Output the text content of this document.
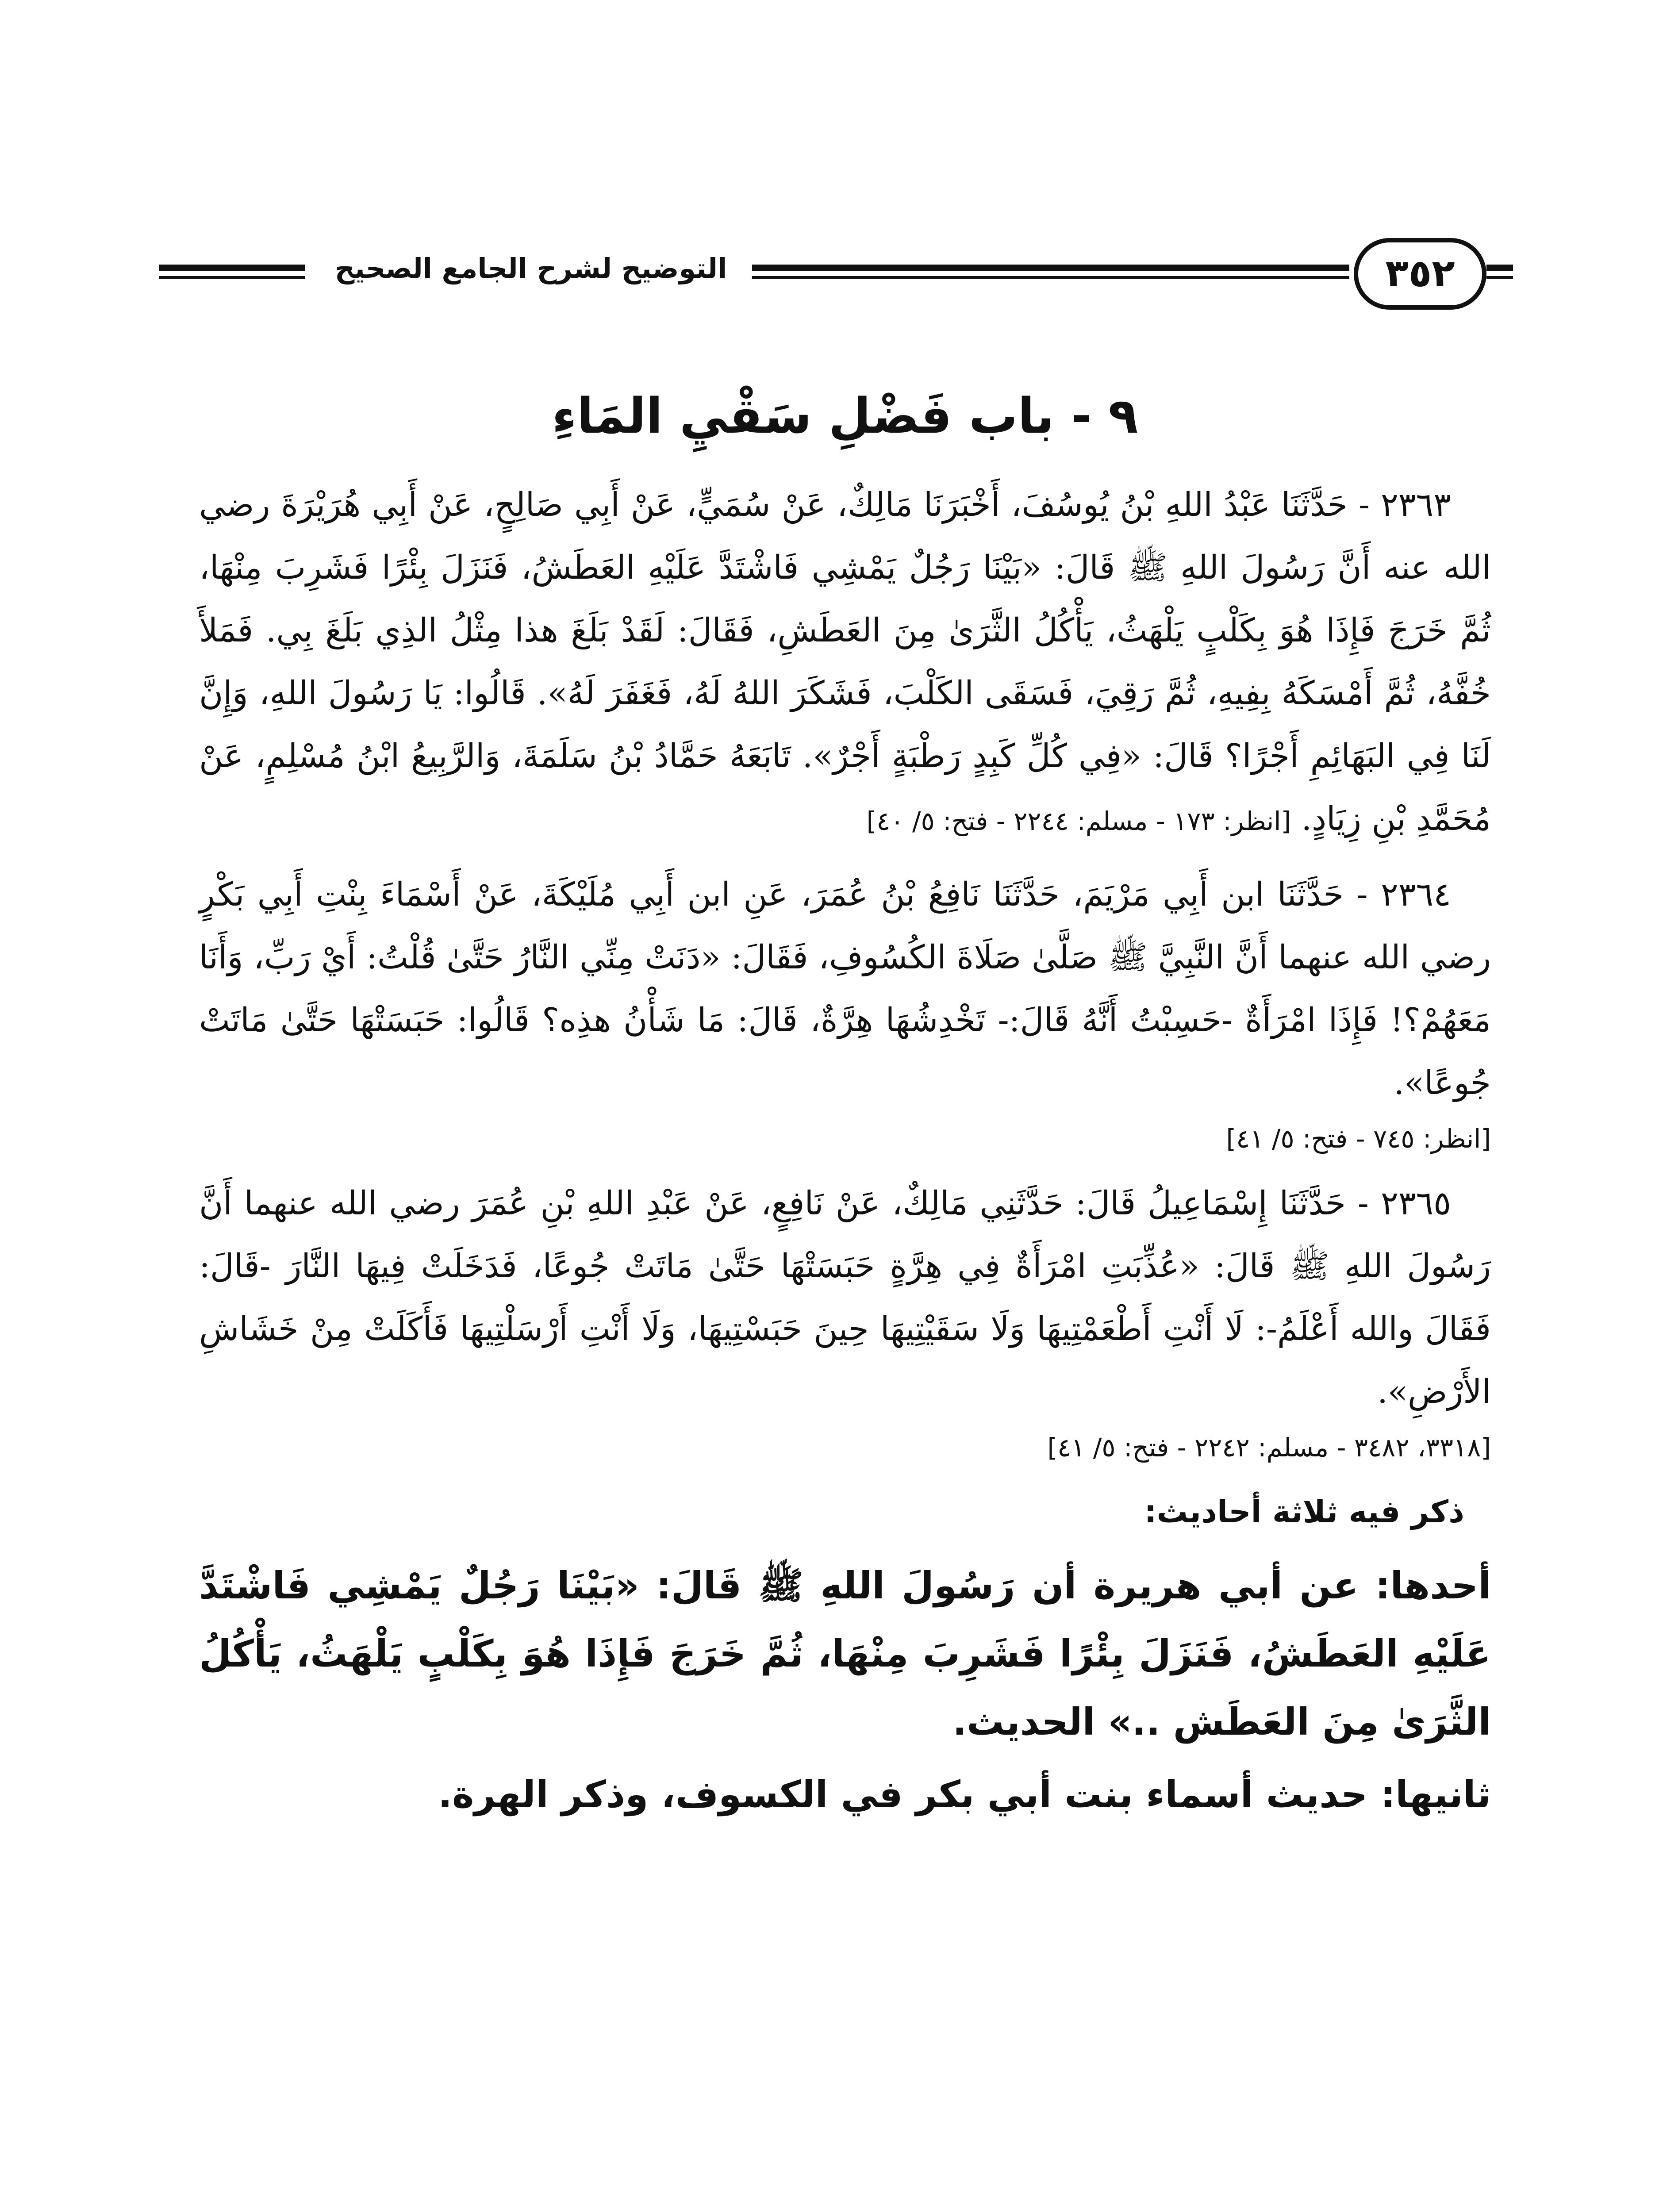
التوضيح لشرح الجامع الصحيح	٣٥٢
٩ - باب فَضْلِ سَقْيِ المَاءِ

٢٣٦٣ - حَدَّثَنَا عَبْدُ اللهِ بْنُ يُوسُفَ، أَخْبَرَنَا مَالِكٌ، عَنْ سُمَيٍّ، عَنْ أَبِي صَالِحٍ، عَنْ أَبِي هُرَيْرَةَ رضي الله عنه أَنَّ رَسُولَ اللهِ ﷺ قَالَ: «بَيْنَا رَجُلٌ يَمْشِي فَاشْتَدَّ عَلَيْهِ العَطَشُ، فَنَزَلَ بِئْرًا فَشَرِبَ مِنْهَا، ثُمَّ خَرَجَ فَإِذَا هُوَ بِكَلْبٍ يَلْهَثُ، يَأْكُلُ الثَّرَىٰ مِنَ العَطَشِ، فَقَالَ: لَقَدْ بَلَغَ هذا مِثْلُ الذِي بَلَغَ بِي. فَمَلأَ خُفَّهُ، ثُمَّ أَمْسَكَهُ بِفِيهِ، ثُمَّ رَقِيَ، فَسَقَى الكَلْبَ، فَشَكَرَ اللهُ لَهُ، فَغَفَرَ لَهُ». قَالُوا: يَا رَسُولَ اللهِ، وَإِنَّ لَنَا فِي البَهَائِمِ أَجْرًا؟ قَالَ: «فِي كُلِّ كَبِدٍ رَطْبَةٍ أَجْرٌ». تَابَعَهُ حَمَّادُ بْنُ سَلَمَةَ، وَالرَّبِيعُ ابْنُ مُسْلِمٍ، عَنْ مُحَمَّدِ بْنِ زِيَادٍ. [انظر: ١٧٣ - مسلم: ٢٢٤٤ - فتح: ٥/ ٤٠]

٢٣٦٤ - حَدَّثَنَا ابن أَبِي مَرْيَمَ، حَدَّثَنَا نَافِعُ بْنُ عُمَرَ، عَنِ ابن أَبِي مُلَيْكَةَ، عَنْ أَسْمَاءَ بِنْتِ أَبِي بَكْرٍ رضي الله عنهما أَنَّ النَّبِيَّ ﷺ صَلَّىٰ صَلَاةَ الكُسُوفِ، فَقَالَ: «دَنَتْ مِنِّي النَّارُ حَتَّىٰ قُلْتُ: أَيْ رَبِّ، وَأَنَا مَعَهُمْ؟! فَإِذَا امْرَأَةٌ -حَسِبْتُ أَنَّهُ قَالَ:- تَخْدِشُهَا هِرَّةٌ، قَالَ: مَا شَأْنُ هذِه؟ قَالُوا: حَبَسَتْهَا حَتَّىٰ مَاتَتْ جُوعًا».

[انظر: ٧٤٥ - فتح: ٥/ ٤١]

٢٣٦٥ - حَدَّثَنَا إِسْمَاعِيلُ قَالَ: حَدَّثَنِي مَالِكٌ، عَنْ نَافِعٍ، عَنْ عَبْدِ اللهِ بْنِ عُمَرَ رضي الله عنهما أَنَّ رَسُولَ اللهِ ﷺ قَالَ: «عُذِّبَتِ امْرَأَةٌ فِي هِرَّةٍ حَبَسَتْهَا حَتَّىٰ مَاتَتْ جُوعًا، فَدَخَلَتْ فِيهَا النَّارَ -قَالَ: فَقَالَ والله أَعْلَمُ-: لَا أَنْتِ أَطْعَمْتِيهَا وَلَا سَقَيْتِيهَا حِينَ حَبَسْتِيهَا، وَلَا أَنْتِ أَرْسَلْتِيهَا فَأَكَلَتْ مِنْ خَشَاشِ الأَرْضِ».

[٣٣١٨، ٣٤٨٢ - مسلم: ٢٢٤٢ - فتح: ٥/ ٤١]

ذكر فيه ثلاثة أحاديث:

أحدها: عن أبي هريرة أن رَسُولَ اللهِ ﷺ قَالَ: «بَيْنَا رَجُلٌ يَمْشِي فَاشْتَدَّ عَلَيْهِ العَطَشُ، فَنَزَلَ بِئْرًا فَشَرِبَ مِنْهَا، ثُمَّ خَرَجَ فَإِذَا هُوَ بِكَلْبٍ يَلْهَثُ، يَأْكُلُ الثَّرَىٰ مِنَ العَطَش ..» الحديث.

ثانيها: حديث أسماء بنت أبي بكر في الكسوف، وذكر الهرة.
